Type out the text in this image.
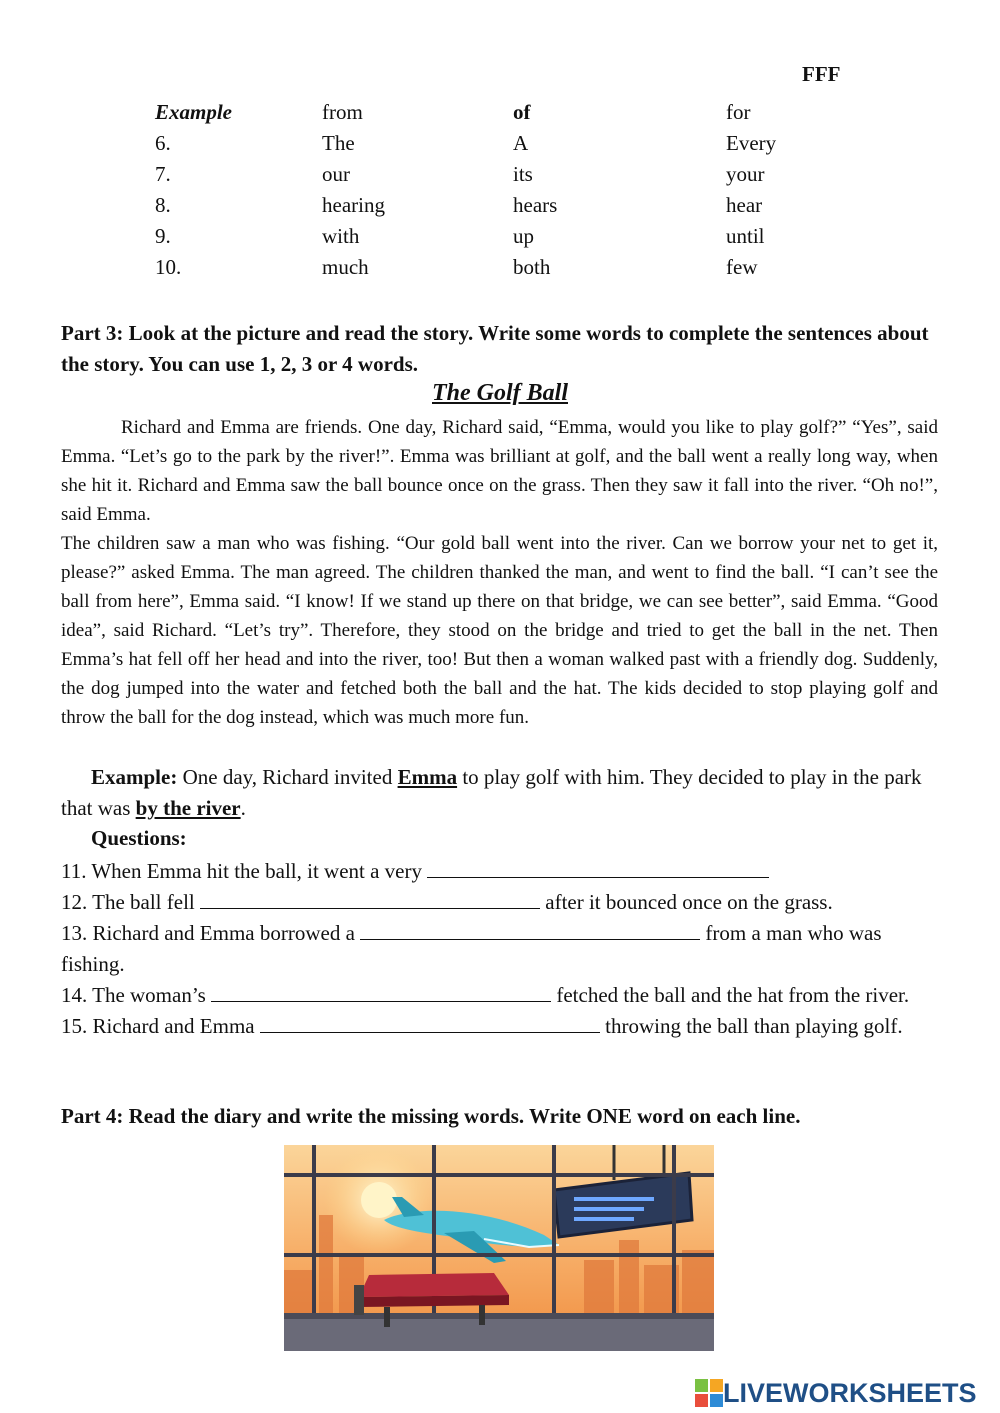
FFF
Example	from	of	for
6.	The	A	Every
7.	our	its	your
8.	hearing	hears	hear
9.	with	up	until
10.	much	both	few
Part 3: Look at the picture and read the story. Write some words to complete the sentences about the story. You can use 1, 2, 3 or 4 words.
The Golf Ball

Richard and Emma are friends. One day, Richard said, “Emma, would you like to play golf?” “Yes”, said Emma. “Let’s go to the park by the river!”. Emma was brilliant at golf, and the ball went a really long way, when she hit it. Richard and Emma saw the ball bounce once on the grass. Then they saw it fall into the river. “Oh no!”, said Emma.

The children saw a man who was fishing. “Our gold ball went into the river. Can we borrow your net to get it, please?” asked Emma. The man agreed. The children thanked the man, and went to find the ball. “I can’t see the ball from here”, Emma said. “I know! If we stand up there on that bridge, we can see better”, said Emma. “Good idea”, said Richard. “Let’s try”. Therefore, they stood on the bridge and tried to get the ball in the net. Then Emma’s hat fell off her head and into the river, too! But then a woman walked past with a friendly dog. Suddenly, the dog jumped into the water and fetched both the ball and the hat. The kids decided to stop playing golf and throw the ball for the dog instead, which was much more fun.

Example: One day, Richard invited Emma to play golf with him. They decided to play in the park that was by the river.
Questions:
11. When Emma hit the ball, it went a very
12. The ball fell	after it bounced once on the grass.
13. Richard and Emma borrowed a	from a man who was fishing.
14. The woman’s	fetched the ball and the hat from the river.
15. Richard and Emma	throwing the ball than playing golf.
Part 4: Read the diary and write the missing words. Write ONE word on each line.
LIVEWORKSHEETS
